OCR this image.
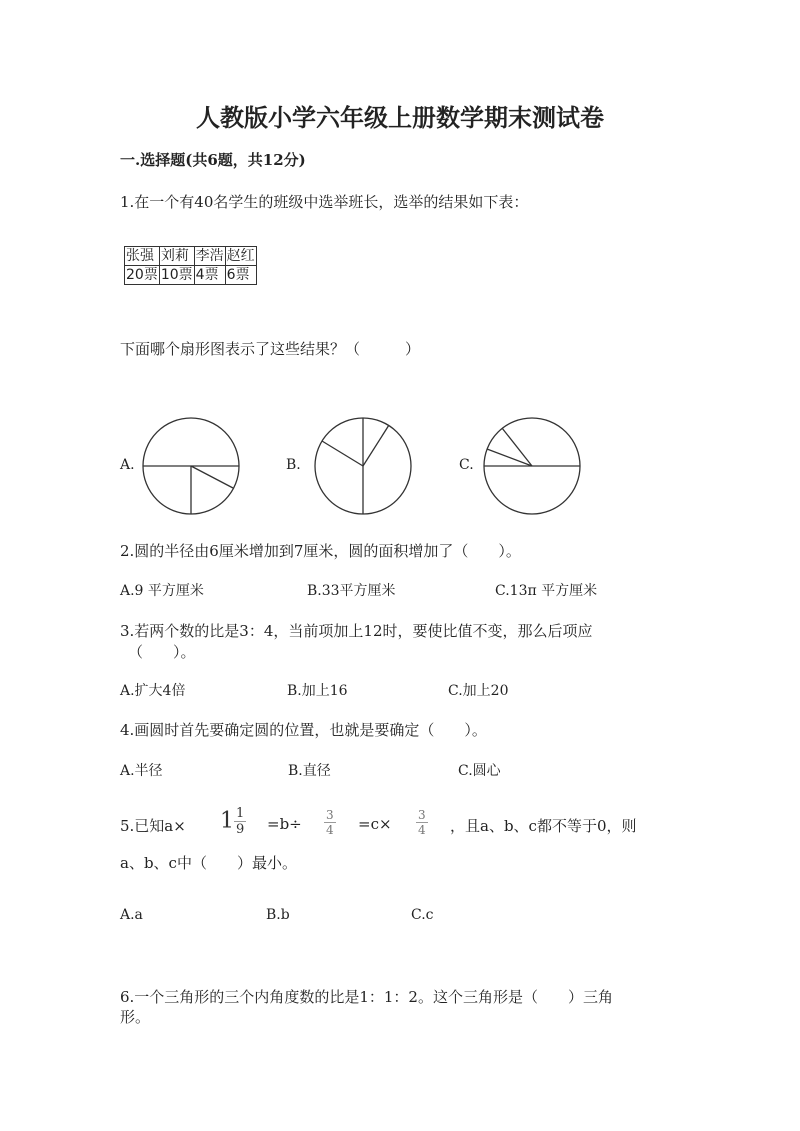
人教版小学六年级上册数学期末测试卷
一.选择题(共6题，共12分)
1.在一个有40名学生的班级中选举班长，选举的结果如下表：
张强	刘莉	李浩	赵红
20票	10票	4票	6票
下面哪个扇形图表示了这些结果？（　　　）
A.	B.	C.
2.圆的半径由6厘米增加到7厘米，圆的面积增加了（　　）。
A.9 平方厘米	B.33平方厘米	C.13π 平方厘米
3.若两个数的比是3：4，当前项加上12时，要使比值不变，那么后项应
（　　）。
A.扩大4倍	B.加上16	C.加上20
4.画圆时首先要确定圆的位置，也就是要确定（　　）。
A.半径	B.直径	C.圆心
5.已知$a\times 1 \frac{1}{9} =b\div \frac{3}{4} =c\times \frac{3}{4}$ ，且a、b、c都不等于0，则
a、b、c中（　　）最小。
A.a	B.b	C.c
6.一个三角形的三个内角度数的比是1：1：2。这个三角形是（　　）三角
形。
